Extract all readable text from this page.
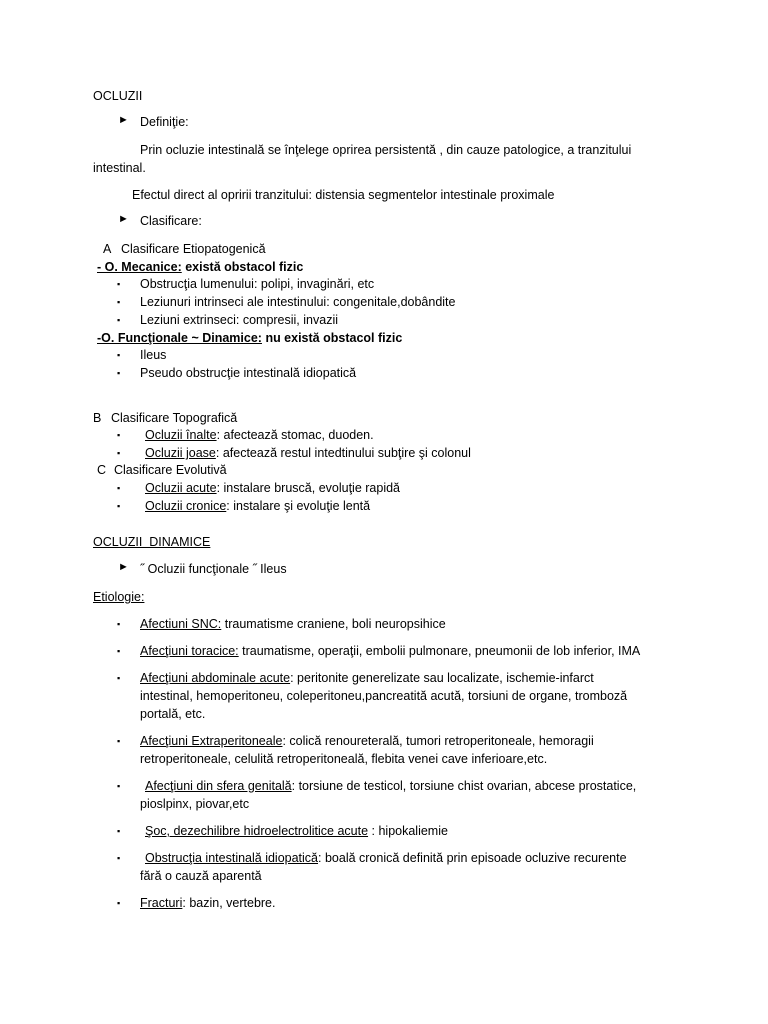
OCLUZII
► Definiţie:
Prin ocluzie intestinală se înţelege oprirea persistentă , din cauze patologice, a tranzitului
intestinal.
Efectul direct al opririi tranzitului: distensia segmentelor intestinale proximale
► Clasificare:
A Clasificare Etiopatogenică
- O. Mecanice: există obstacol fizic
▪ Obstrucţia lumenului: polipi, invaginări, etc
▪ Leziunuri intrinseci ale intestinului: congenitale,dobândite
▪ Leziuni extrinseci: compresii, invazii
-O. Funcţionale ~ Dinamice: nu există obstacol fizic
▪ Ileus
▪ Pseudo obstrucţie intestinală idiopatică
B Clasificare Topografică
▪ Ocluzii înalte: afectează stomac, duoden.
▪ Ocluzii joase: afectează restul intedtinului subţire şi colonul
C Clasificare Evolutivă
▪ Ocluzii acute: instalare bruscă, evoluţie rapidă
▪ Ocluzii cronice: instalare şi evoluţie lentă
OCLUZII  DINAMICE
► ˝ Ocluzii funcţionale ˝ Ileus
Etiologie:
▪ Afectiuni SNC: traumatisme craniene, boli neuropsihice
▪ Afecţiuni toracice: traumatisme, operaţii, embolii pulmonare, pneumonii de lob inferior, IMA
▪ Afecţiuni abdominale acute: peritonite generelizate sau localizate, ischemie-infarct
intestinal, hemoperitoneu, coleperitoneu,pancreatită acută, torsiuni de organe, tromboză
portală, etc.
▪ Afecţiuni Extraperitoneale: colică renoureterală, tumori retroperitoneale, hemoragii
retroperitoneale, celulită retroperitoneală, flebita venei cave inferioare,etc.
▪ Afecţiuni din sfera genitală: torsiune de testicol, torsiune chist ovarian, abcese prostatice,
pioslpinx, piovar,etc
▪ Şoc, dezechilibre hidroelectrolitice acute : hipokaliemie
▪ Obstrucţia intestinală idiopatică: boală cronică definită prin episoade ocluzive recurente
fără o cauză aparentă
▪ Fracturi: bazin, vertebre.
